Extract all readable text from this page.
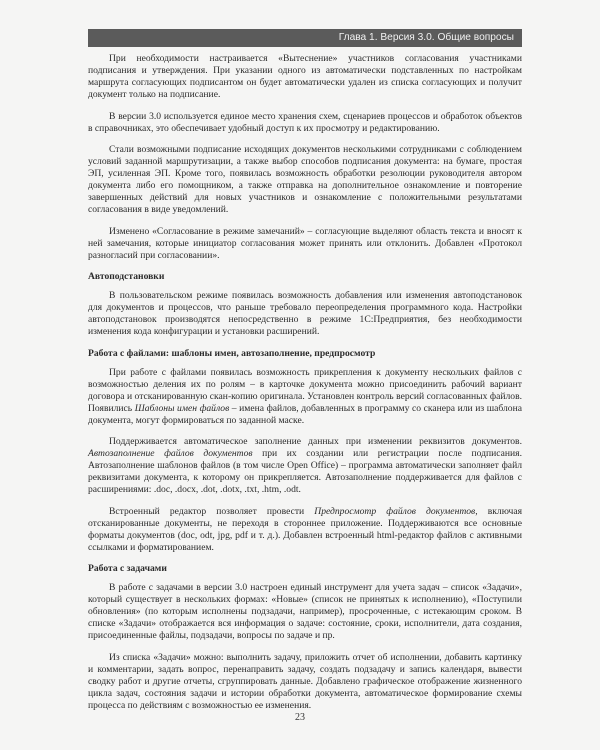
Глава 1. Версия 3.0. Общие вопросы

При необходимости настраивается «Вытеснение» участников согласования участниками подписания и утверждения. При указании одного из автоматически подставленных по настройкам маршрута согласующих подписантом он будет автоматически удален из списка согласующих и получит документ только на подписание.

В версии 3.0 используется единое место хранения схем, сценариев процессов и обработок объектов в справочниках, это обеспечивает удобный доступ к их просмотру и редактированию.

Стали возможными подписание исходящих документов несколькими сотрудниками с соблюдением условий заданной маршрутизации, а также выбор способов подписания документа: на бумаге, простая ЭП, усиленная ЭП. Кроме того, появилась возможность обработки резолюции руководителя автором документа либо его помощником, а также отправка на дополнительное ознакомление и повторение завершенных действий для новых участников и ознакомление с положительными результатами согласования в виде уведомлений.

Изменено «Согласование в режиме замечаний» – согласующие выделяют область текста и вносят к ней замечания, которые инициатор согласования может принять или отклонить. Добавлен «Протокол разногласий при согласовании».

Автоподстановки

В пользовательском режиме появилась возможность добавления или изменения автоподстановок для документов и процессов, что раньше требовало переопределения программного кода. Настройки автоподстановок производятся непосредственно в режиме 1С:Предприятия, без необходимости изменения кода конфигурации и установки расширений.

Работа с файлами: шаблоны имен, автозаполнение, предпросмотр

При работе с файлами появилась возможность прикрепления к документу нескольких файлов с возможностью деления их по ролям – в карточке документа можно присоединить рабочий вариант договора и отсканированную скан-копию оригинала. Установлен контроль версий согласованных файлов. Появились Шаблоны имен файлов – имена файлов, добавленных в программу со сканера или из шаблона документа, могут формироваться по заданной маске.

Поддерживается автоматическое заполнение данных при изменении реквизитов документов. Автозаполнение файлов документов при их создании или регистрации после подписания. Автозаполнение шаблонов файлов (в том числе Open Office) – программа автоматически заполняет файл реквизитами документа, к которому он прикрепляется. Автозаполнение поддерживается для файлов с расширениями: .doc, .docx, .dot, .dotx, .txt, .htm, .odt.

Встроенный редактор позволяет провести Предпросмотр файлов документов, включая отсканированные документы, не переходя в стороннее приложение. Поддерживаются все основные форматы документов (doc, odt, jpg, pdf и т. д.). Добавлен встроенный html-редактор файлов с активными ссылками и форматированием.

Работа с задачами

В работе с задачами в версии 3.0 настроен единый инструмент для учета задач – список «Задачи», который существует в нескольких формах: «Новые» (список не принятых к исполнению), «Поступили обновления» (по которым исполнены подзадачи, например), просроченные, с истекающим сроком. В списке «Задачи» отображается вся информация о задаче: состояние, сроки, исполнители, дата создания, присоединенные файлы, подзадачи, вопросы по задаче и пр.

Из списка «Задачи» можно: выполнить задачу, приложить отчет об исполнении, добавить картинку и комментарии, задать вопрос, перенаправить задачу, создать подзадачу и запись календаря, вывести сводку работ и другие отчеты, сгруппировать данные. Добавлено графическое отображение жизненного цикла задач, состояния задачи и истории обработки документа, автоматическое формирование схемы процесса по действиям с возможностью ее изменения.

23
